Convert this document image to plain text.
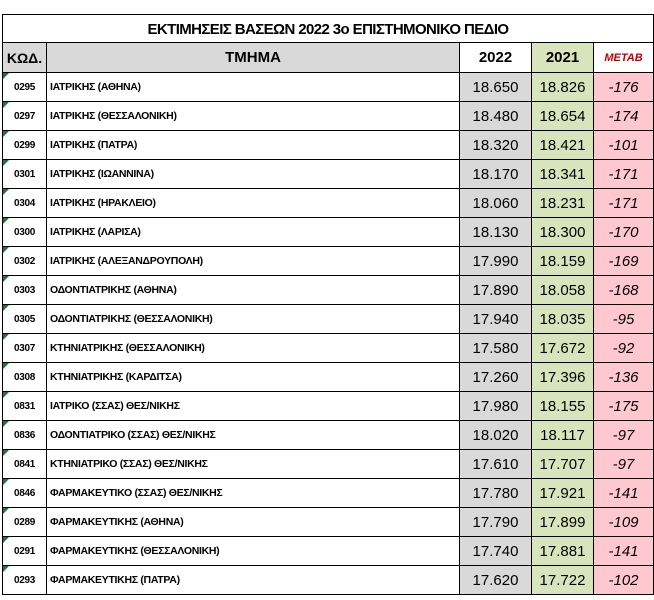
ΕΚΤΙΜΗΣΕΙΣ ΒΑΣΕΩΝ 2022 3ο ΕΠΙΣΤΗΜΟΝΙΚΟ ΠΕΔΙΟ
ΚΩΔ.	ΤΜΗΜΑ	2022	2021	METAB

0295	ΙΑΤΡΙΚΗΣ (ΑΘΗΝΑ)	18.650	18.826	-176

0297	ΙΑΤΡΙΚΗΣ (ΘΕΣΣΑΛΟΝΙΚΗ)	18.480	18.654	-174

0299	ΙΑΤΡΙΚΗΣ (ΠΑΤΡΑ)	18.320	18.421	-101

0301	ΙΑΤΡΙΚΗΣ (ΙΩΑΝΝΙΝΑ)	18.170	18.341	-171

0304	ΙΑΤΡΙΚΗΣ (ΗΡΑΚΛΕΙΟ)	18.060	18.231	-171

0300	ΙΑΤΡΙΚΗΣ (ΛΑΡΙΣΑ)	18.130	18.300	-170

0302	ΙΑΤΡΙΚΗΣ (ΑΛΕΞΑΝΔΡΟΥΠΟΛΗ)	17.990	18.159	-169

0303	ΟΔΟΝΤΙΑΤΡΙΚΗΣ (ΑΘΗΝΑ)	17.890	18.058	-168

0305	ΟΔΟΝΤΙΑΤΡΙΚΗΣ (ΘΕΣΣΑΛΟΝΙΚΗ)	17.940	18.035	-95

0307	ΚΤΗΝΙΑΤΡΙΚΗΣ (ΘΕΣΣΑΛΟΝΙΚΗ)	17.580	17.672	-92

0308	ΚΤΗΝΙΑΤΡΙΚΗΣ (ΚΑΡΔΙΤΣΑ)	17.260	17.396	-136

0831	ΙΑΤΡΙΚΟ (ΣΣΑΣ) ΘΕΣ/ΝΙΚΗΣ	17.980	18.155	-175

0836	ΟΔΟΝΤΙΑΤΡΙΚΟ (ΣΣΑΣ) ΘΕΣ/ΝΙΚΗΣ	18.020	18.117	-97

0841	ΚΤΗΝΙΑΤΡΙΚΟ (ΣΣΑΣ) ΘΕΣ/ΝΙΚΗΣ	17.610	17.707	-97

0846	ΦΑΡΜΑΚΕΥΤΙΚΟ (ΣΣΑΣ) ΘΕΣ/ΝΙΚΗΣ	17.780	17.921	-141

0289	ΦΑΡΜΑΚΕΥΤΙΚΗΣ (ΑΘΗΝΑ)	17.790	17.899	-109

0291	ΦΑΡΜΑΚΕΥΤΙΚΗΣ (ΘΕΣΣΑΛΟΝΙΚΗ)	17.740	17.881	-141

0293	ΦΑΡΜΑΚΕΥΤΙΚΗΣ (ΠΑΤΡΑ)	17.620	17.722	-102
